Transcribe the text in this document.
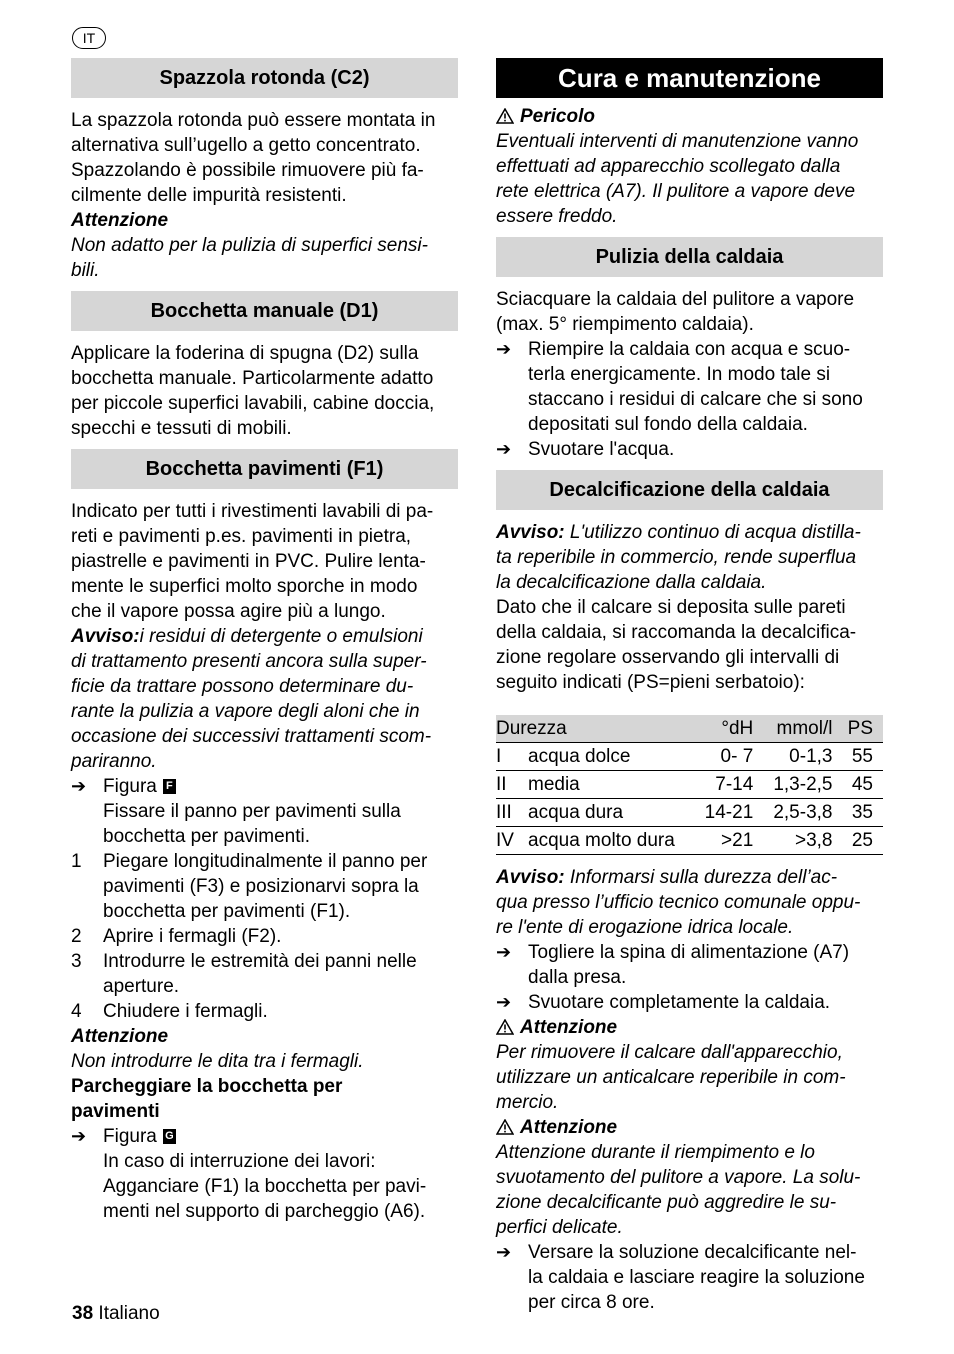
IT
Spazzola rotonda (C2)

La spazzola rotonda può essere montata in

alternativa sull’ugello a getto concentrato.

Spazzolando è possibile rimuovere più fa-

cilmente delle impurità resistenti.

Attenzione

Non adatto per la pulizia di superfici sensi-

bili.

Bocchetta manuale (D1)

Applicare la foderina di spugna (D2) sulla

bocchetta manuale. Particolarmente adatto

per piccole superfici lavabili, cabine doccia,

specchi e tessuti di mobili.

Bocchetta pavimenti (F1)

Indicato per tutti i rivestimenti lavabili di pa-

reti e pavimenti p.es. pavimenti in pietra,

piastrelle e pavimenti in PVC. Pulire lenta-

mente le superfici molto sporche in modo

che il vapore possa agire più a lungo.

Avviso:i residui di detergente o emulsioni

di trattamento presenti ancora sulla super-

ficie da trattare possono determinare du-

rante la pulizia a vapore degli aloni che in

occasione dei successivi trattamenti scom-

pariranno.

➔ Figura F
Fissare il panno per pavimenti sulla
bocchetta per pavimenti.
1	Piegare longitudinalmente il panno per
pavimenti (F3) e posizionarvi sopra la
bocchetta per pavimenti (F1).
2	Aprire i fermagli (F2).
3	Introdurre le estremità dei panni nelle
aperture.
4	Chiudere i fermagli.

Attenzione

Non introdurre le dita tra i fermagli.

Parcheggiare la bocchetta per

pavimenti

➔ Figura G
In caso di interruzione dei lavori:
Agganciare (F1) la bocchetta per pavi-
menti nel supporto di parcheggio (A6).
Cura e manutenzione

Pericolo

Eventuali interventi di manutenzione vanno

effettuati ad apparecchio scollegato dalla

rete elettrica (A7). Il pulitore a vapore deve

essere freddo.

Pulizia della caldaia

Sciacquare la caldaia del pulitore a vapore

(max. 5° riempimento caldaia).

➔ Riempire la caldaia con acqua e scuo-
terla energicamente. In modo tale si
staccano i residui di calcare che si sono
depositati sul fondo della caldaia.
➔ Svuotare l'acqua.
Decalcificazione della caldaia

Avviso: L'utilizzo continuo di acqua distilla-

ta reperibile in commercio, rende superflua

la decalcificazione dalla caldaia.

Dato che il calcare si deposita sulle pareti

della caldaia, si raccomanda la decalcifica-

zione regolare osservando gli intervalli di

seguito indicati (PS=pieni serbatoio):

Durezza		°dH	mmol/l	PS
I	acqua dolce	0- 7	0-1,3	55
II	media	7-14	1,3-2,5	45
III	acqua dura	14-21	2,5-3,8	35
IV	acqua molto dura	>21	>3,8	25

Avviso: Informarsi sulla durezza dell’ac-

qua presso l’ufficio tecnico comunale oppu-

re l'ente di erogazione idrica locale.

➔ Togliere la spina di alimentazione (A7)
dalla presa.
➔ Svuotare completamente la caldaia.

Attenzione

Per rimuovere il calcare dall'apparecchio,

utilizzare un anticalcare reperibile in com-

mercio.

Attenzione

Attenzione durante il riempimento e lo

svuotamento del pulitore a vapore. La solu-

zione decalcificante può aggredire le su-

perfici delicate.

➔ Versare la soluzione decalcificante nel-
la caldaia e lasciare reagire la soluzione
per circa 8 ore.
38 Italiano
